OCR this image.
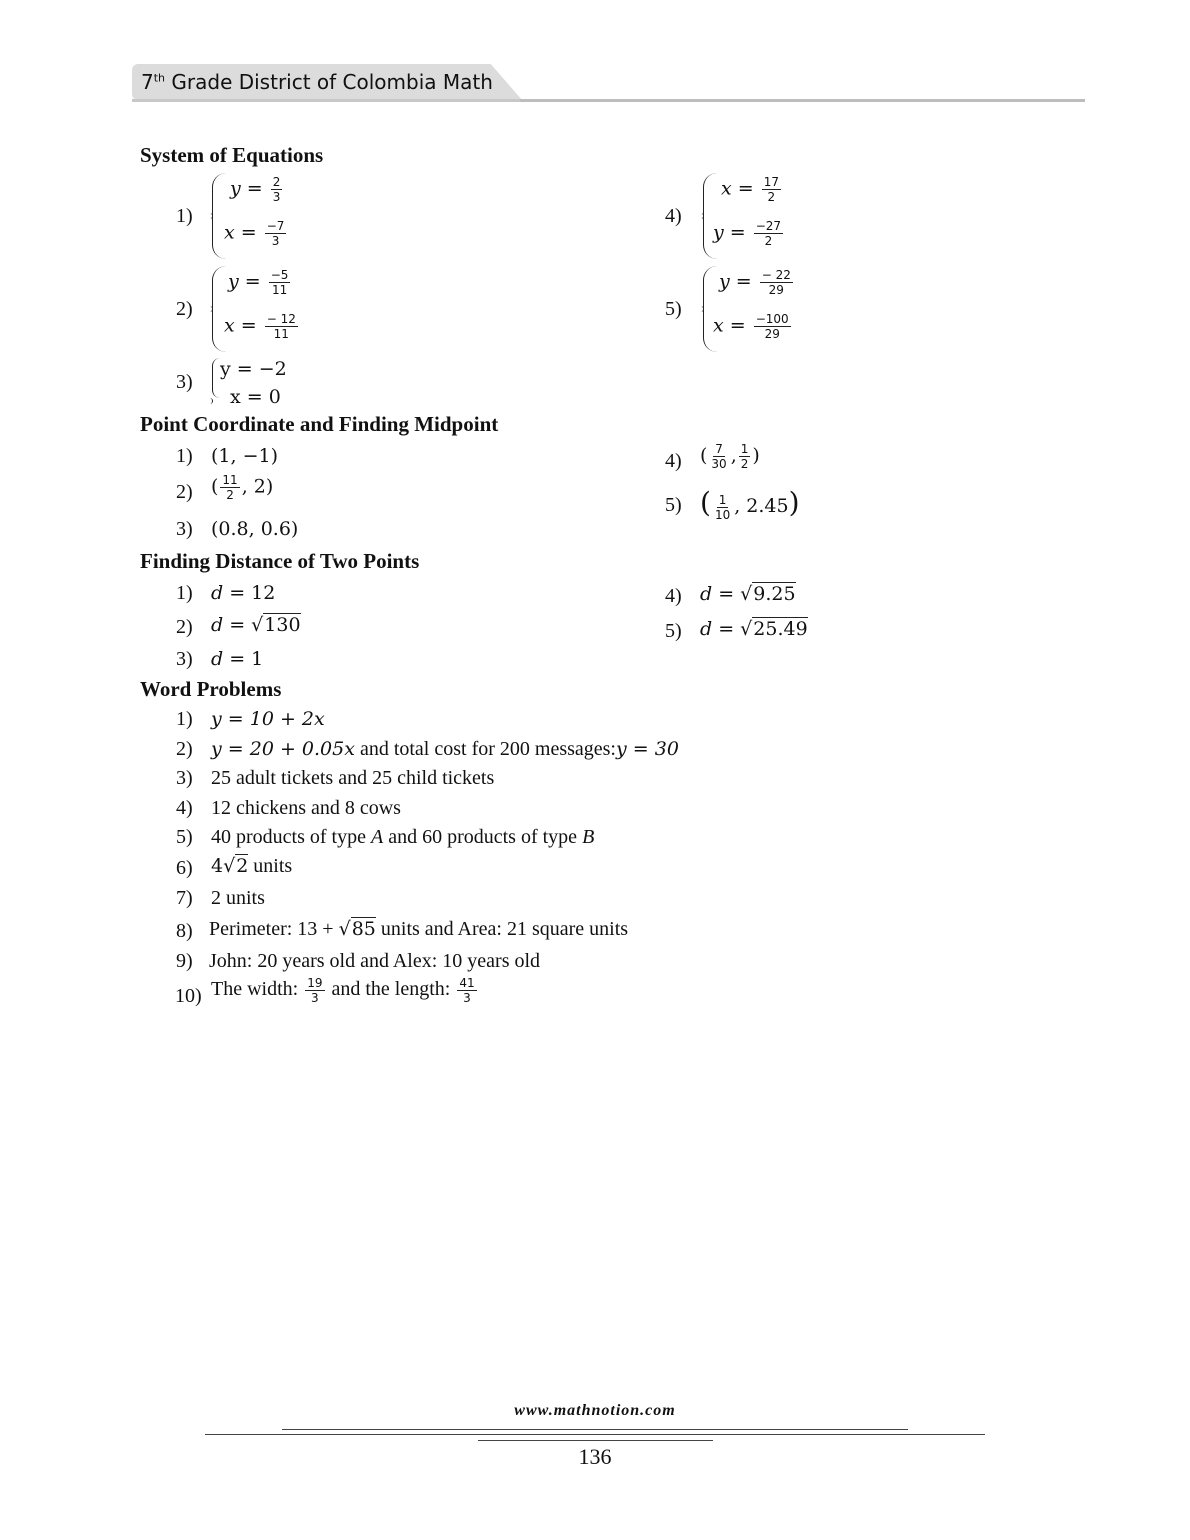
7th Grade District of Colombia Math
System of Equations
1)
$y = \frac{2}{3}$
$x = \frac{-7}{3}$
2)
$y = \frac{-5}{11}$
$x = \frac{- 12}{11}$
3)
y = −2
x = 0
4)
$x = \frac{17}{2}$
$y = \frac{-27}{2}$
5)
$y = \frac{- 22}{29}$
$x = \frac{-100}{29}$
Point Coordinate and Finding Midpoint
1) (1, −1)
2) ( $\frac{11}{2}$ , 2)
3) (0.8, 0.6)
4) ( $\frac{7}{30}$ , $\frac{1}{2}$ )
5) ( $\frac{1}{10}$ , 2.45)
Finding Distance of Two Points
1) d = 12
2) d = √130
3) d = 1
4) d = √9.25
5) d = √25.49
Word Problems
1) y = 10 + 2x
2) y = 20 + 0.05x and total cost for 200 messages:y = 30
3) 25 adult tickets and 25 child tickets
4) 12 chickens and 8 cows
5) 40 products of type A and 60 products of type B
6) 4√2 units
7) 2 units
8) Perimeter: 13 + √85 units and Area: 21 square units
9) John: 20 years old and Alex: 10 years old
10) The width: $\frac{19}{3}$ and the length: $\frac{41}{3}$
www.mathnotion.com
136
